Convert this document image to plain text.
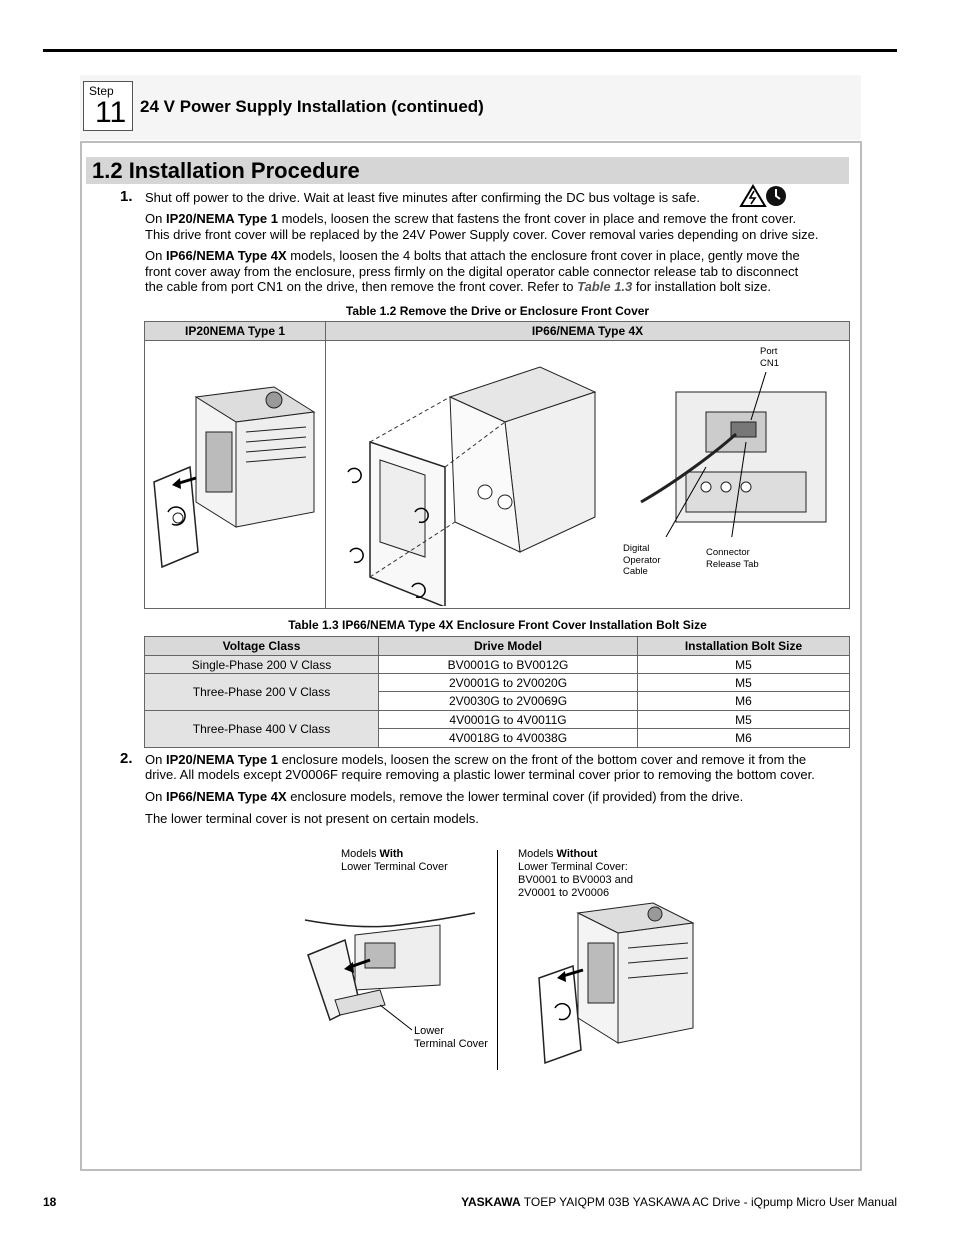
Step
11 24 V Power Supply Installation (continued)
1.2 Installation Procedure
1. Shut off power to the drive. Wait at least five minutes after confirming the DC bus voltage is safe.
On IP20/NEMA Type 1 models, loosen the screw that fastens the front cover in place and remove the front cover.
This drive front cover will be replaced by the 24V Power Supply cover. Cover removal varies depending on drive size.
On IP66/NEMA Type 4X models, loosen the 4 bolts that attach the enclosure front cover in place, gently move the
front cover away from the enclosure, press firmly on the digital operator cable connector release tab to disconnect
the cable from port CN1 on the drive, then remove the front cover. Refer to Table 1.3 for installation bolt size.
Table 1.2 Remove the Drive or Enclosure Front Cover
IP20NEMA Type 1	IP66/NEMA Type 4X

Port
CN1
Digital
Operator
Cable
Connector
Release Tab
Table 1.3 IP66/NEMA Type 4X Enclosure Front Cover Installation Bolt Size
Voltage Class	Drive Model	Installation Bolt Size
Single-Phase 200 V Class	BV0001G to BV0012G	M5
Three-Phase 200 V Class	2V0001G to 2V0020G	M5
	2V0030G to 2V0069G	M6
Three-Phase 400 V Class	4V0001G to 4V0011G	M5
	4V0018G to 4V0038G	M6
2. On IP20/NEMA Type 1 enclosure models, loosen the screw on the front of the bottom cover and remove it from the
drive. All models except 2V0006F require removing a plastic lower terminal cover prior to removing the bottom cover.
On IP66/NEMA Type 4X enclosure models, remove the lower terminal cover (if provided) from the drive.
The lower terminal cover is not present on certain models.
Models With
Lower Terminal Cover
Models Without
Lower Terminal Cover:
BV0001 to BV0003 and
2V0001 to 2V0006
Lower
Terminal Cover
18	YASKAWA TOEP YAIQPM 03B YASKAWA AC Drive - iQpump Micro User Manual
